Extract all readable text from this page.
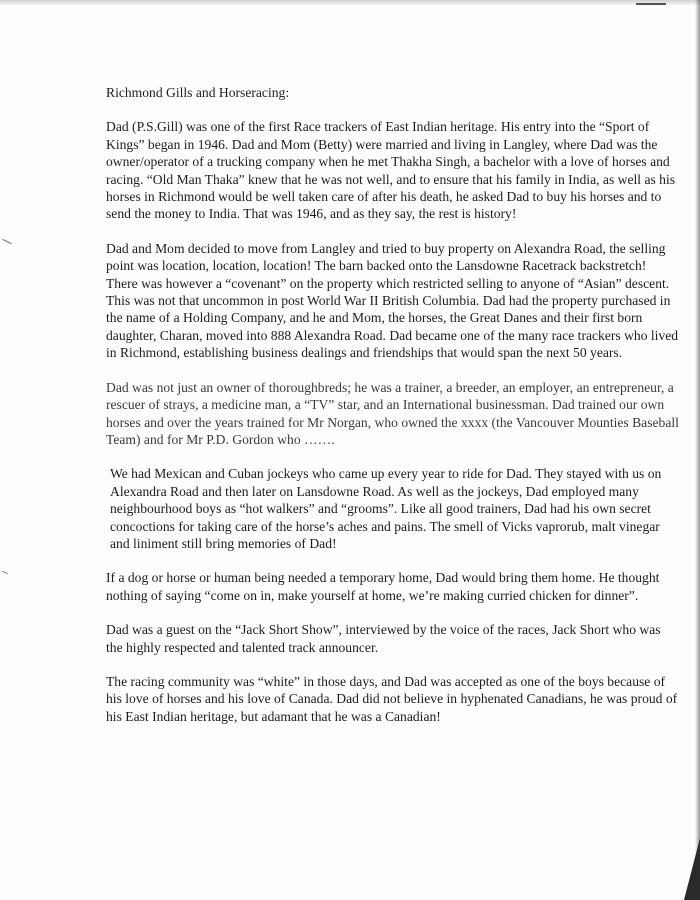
Richmond Gills and Horseracing:

Dad (P.S.Gill) was one of the first Race trackers of East Indian heritage. His entry into the “Sport of Kings” began in 1946. Dad and Mom (Betty) were married and living in Langley, where Dad was the owner/operator of a trucking company when he met Thakha Singh, a bachelor with a love of horses and racing. “Old Man Thaka” knew that he was not well, and to ensure that his family in India, as well as his horses in Richmond would be well taken care of after his death, he asked Dad to buy his horses and to send the money to India. That was 1946, and as they say, the rest is history!

Dad and Mom decided to move from Langley and tried to buy property on Alexandra Road, the selling point was location, location, location! The barn backed onto the Lansdowne Racetrack backstretch! There was however a “covenant” on the property which restricted selling to anyone of “Asian” descent. This was not that uncommon in post World War II British Columbia. Dad had the property purchased in the name of a Holding Company, and he and Mom, the horses, the Great Danes and their first born daughter, Charan, moved into 888 Alexandra Road. Dad became one of the many race trackers who lived in Richmond, establishing business dealings and friendships that would span the next 50 years.

Dad was not just an owner of thoroughbreds; he was a trainer, a breeder, an employer, an entrepreneur, a rescuer of strays, a medicine man, a “TV” star, and an International businessman. Dad trained our own horses and over the years trained for Mr Norgan, who owned the xxxx (the Vancouver Mounties Baseball Team) and for Mr P.D. Gordon who …….

We had Mexican and Cuban jockeys who came up every year to ride for Dad. They stayed with us on Alexandra Road and then later on Lansdowne Road. As well as the jockeys, Dad employed many neighbourhood boys as “hot walkers” and “grooms”. Like all good trainers, Dad had his own secret concoctions for taking care of the horse’s aches and pains. The smell of Vicks vaprorub, malt vinegar and liniment still bring memories of Dad!

If a dog or horse or human being needed a temporary home, Dad would bring them home. He thought nothing of saying “come on in, make yourself at home, we’re making curried chicken for dinner”.

Dad was a guest on the “Jack Short Show”, interviewed by the voice of the races, Jack Short who was the highly respected and talented track announcer.

The racing community was “white” in those days, and Dad was accepted as one of the boys because of his love of horses and his love of Canada. Dad did not believe in hyphenated Canadians, he was proud of his East Indian heritage, but adamant that he was a Canadian!
